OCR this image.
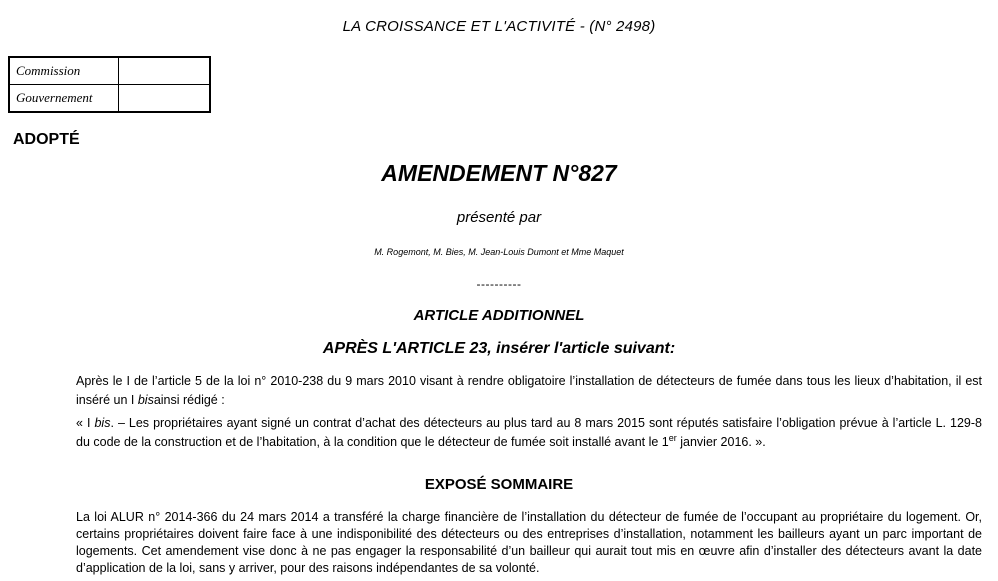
LA CROISSANCE ET L'ACTIVITÉ - (N° 2498)
Commission	
Gouvernement	
ADOPTÉ
AMENDEMENT N°827
présenté par
M. Rogemont, M. Bies, M. Jean-Louis Dumont et Mme Maquet
----------
ARTICLE ADDITIONNEL
APRÈS L'ARTICLE 23, insérer l'article suivant:

Après le I de l’article 5 de la loi n° 2010-238 du 9 mars 2010 visant à rendre obligatoire l’installation de détecteurs de fumée dans tous les lieux d’habitation, il est inséré un I bisainsi rédigé :

« I bis. – Les propriétaires ayant signé un contrat d’achat des détecteurs au plus tard au 8 mars 2015 sont réputés satisfaire l’obligation prévue à l’article L. 129-8 du code de la construction et de l’habitation, à la condition que le détecteur de fumée soit installé avant le 1er janvier 2016. ».

EXPOSÉ SOMMAIRE

La loi ALUR n° 2014-366 du 24 mars 2014 a transféré la charge financière de l’installation du détecteur de fumée de l’occupant au propriétaire du logement. Or, certains propriétaires doivent faire face à une indisponibilité des détecteurs ou des entreprises d’installation, notamment les bailleurs ayant un parc important de logements. Cet amendement vise donc à ne pas engager la responsabilité d’un bailleur qui aurait tout mis en œuvre afin d’installer des détecteurs avant la date d’application de la loi, sans y arriver, pour des raisons indépendantes de sa volonté.
